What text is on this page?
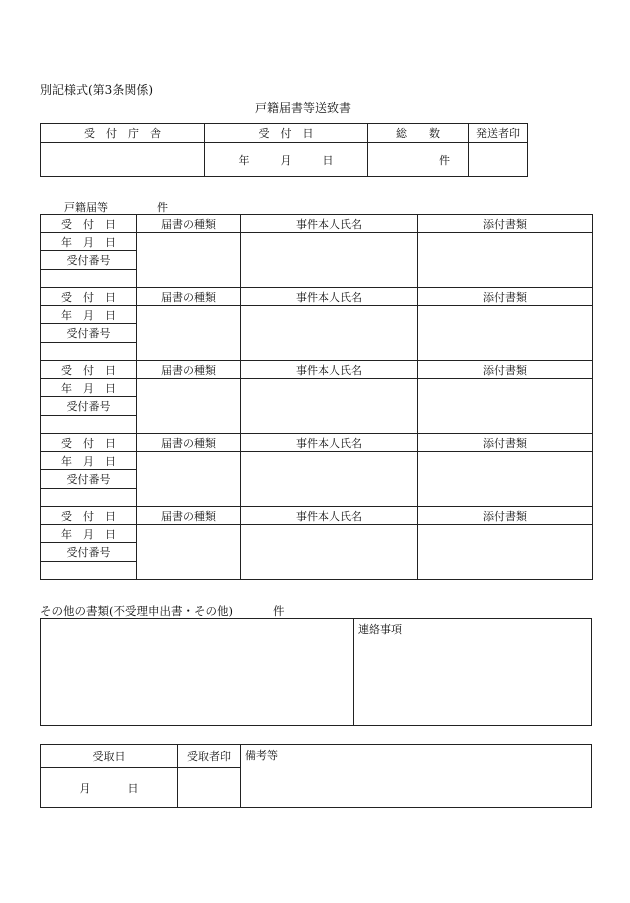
別記様式(第3条関係)
戸籍届書等送致書
受　付　庁　舎	受　付　日	総　　数	発送者印
	年 月 日	件	
戸籍届等	件
受　付　日	届書の種類	事件本人氏名	添付書類
年　月　日			
受付番号			

受　付　日	届書の種類	事件本人氏名	添付書類
年　月　日			
受付番号			

受　付　日	届書の種類	事件本人氏名	添付書類
年　月　日			
受付番号			

受　付　日	届書の種類	事件本人氏名	添付書類
年　月　日			
受付番号			

受　付　日	届書の種類	事件本人氏名	添付書類
年　月　日			
受付番号			

その他の書類(不受理申出書・その他)	件
	連絡事項
受取日	受取者印	備考等
月 日		
